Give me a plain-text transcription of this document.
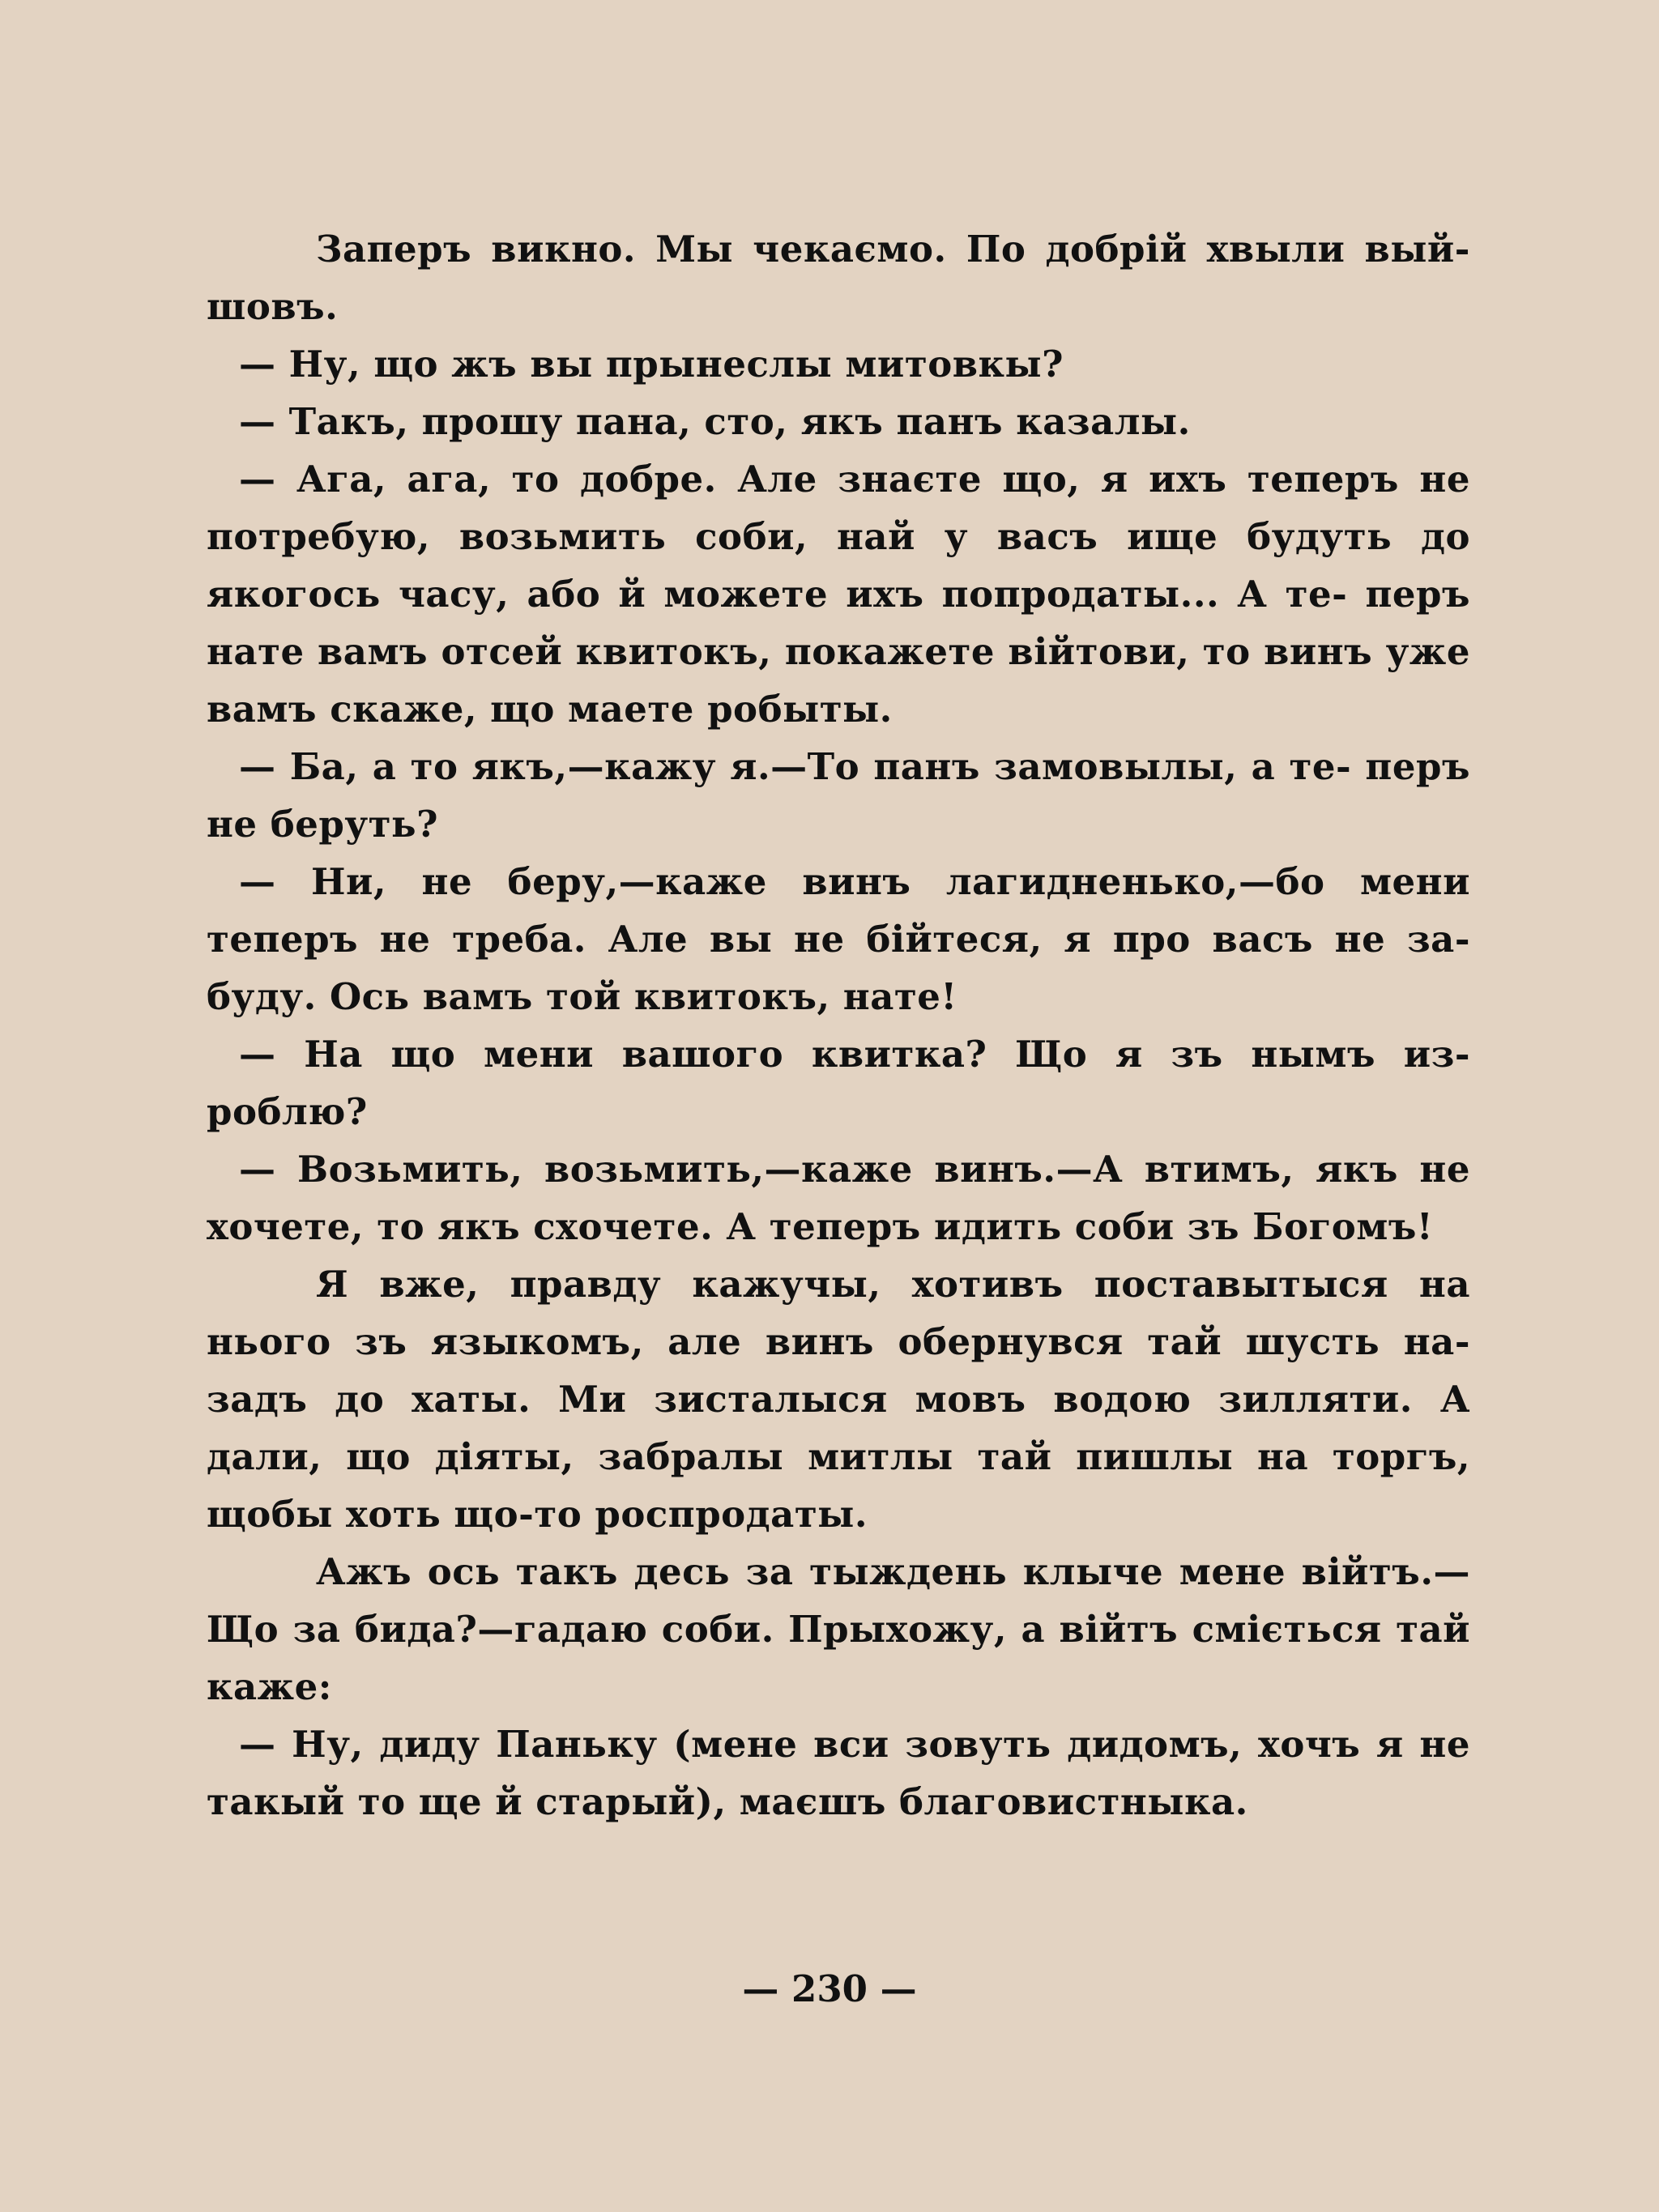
Заперъ викно. Мы чекаємо. По добрій хвыли вый- шовъ.

— Ну, що жъ вы прынеслы митовкы?

— Такъ, прошу пана, сто, якъ панъ казалы.

— Ага, ага, то добре. Але знаєте що, я ихъ теперъ не потребую, возьмить соби, най у васъ ище будуть до якогось часу, або й можете ихъ попродаты... А те- перъ нате вамъ отсей квитокъ, покажете війтови, то винъ уже вамъ скаже, що маете робыты.

— Ба, а то якъ,—кажу я.—То панъ замовылы, а те- перъ не беруть?

— Ни, не беру,—каже винъ лагидненько,—бо мени теперъ не треба. Але вы не бійтеся, я про васъ не за- буду. Ось вамъ той квитокъ, нате!

— На що мени вашого квитка? Що я зъ нымъ из- роблю?

— Возьмить, возьмить,—каже винъ.—А втимъ, якъ не хочете, то якъ схочете. А теперъ идить соби зъ Богомъ!

Я вже, правду кажучы, хотивъ поставытыся на нього зъ языкомъ, але винъ обернувся тай шусть на- задъ до хаты. Ми зисталыся мовъ водою зилляти. А дали, що діяты, забралы митлы тай пишлы на торгъ, щобы хоть що-то роспродаты.

Ажъ ось такъ десь за тыждень клыче мене війтъ.— Що за бида?—гадаю соби. Прыхожу, а війтъ сміється тай каже:

— Ну, диду Паньку (мене вси зовуть дидомъ, хочъ я не такый то ще й старый), маєшъ благовистныка.

— 230 —
